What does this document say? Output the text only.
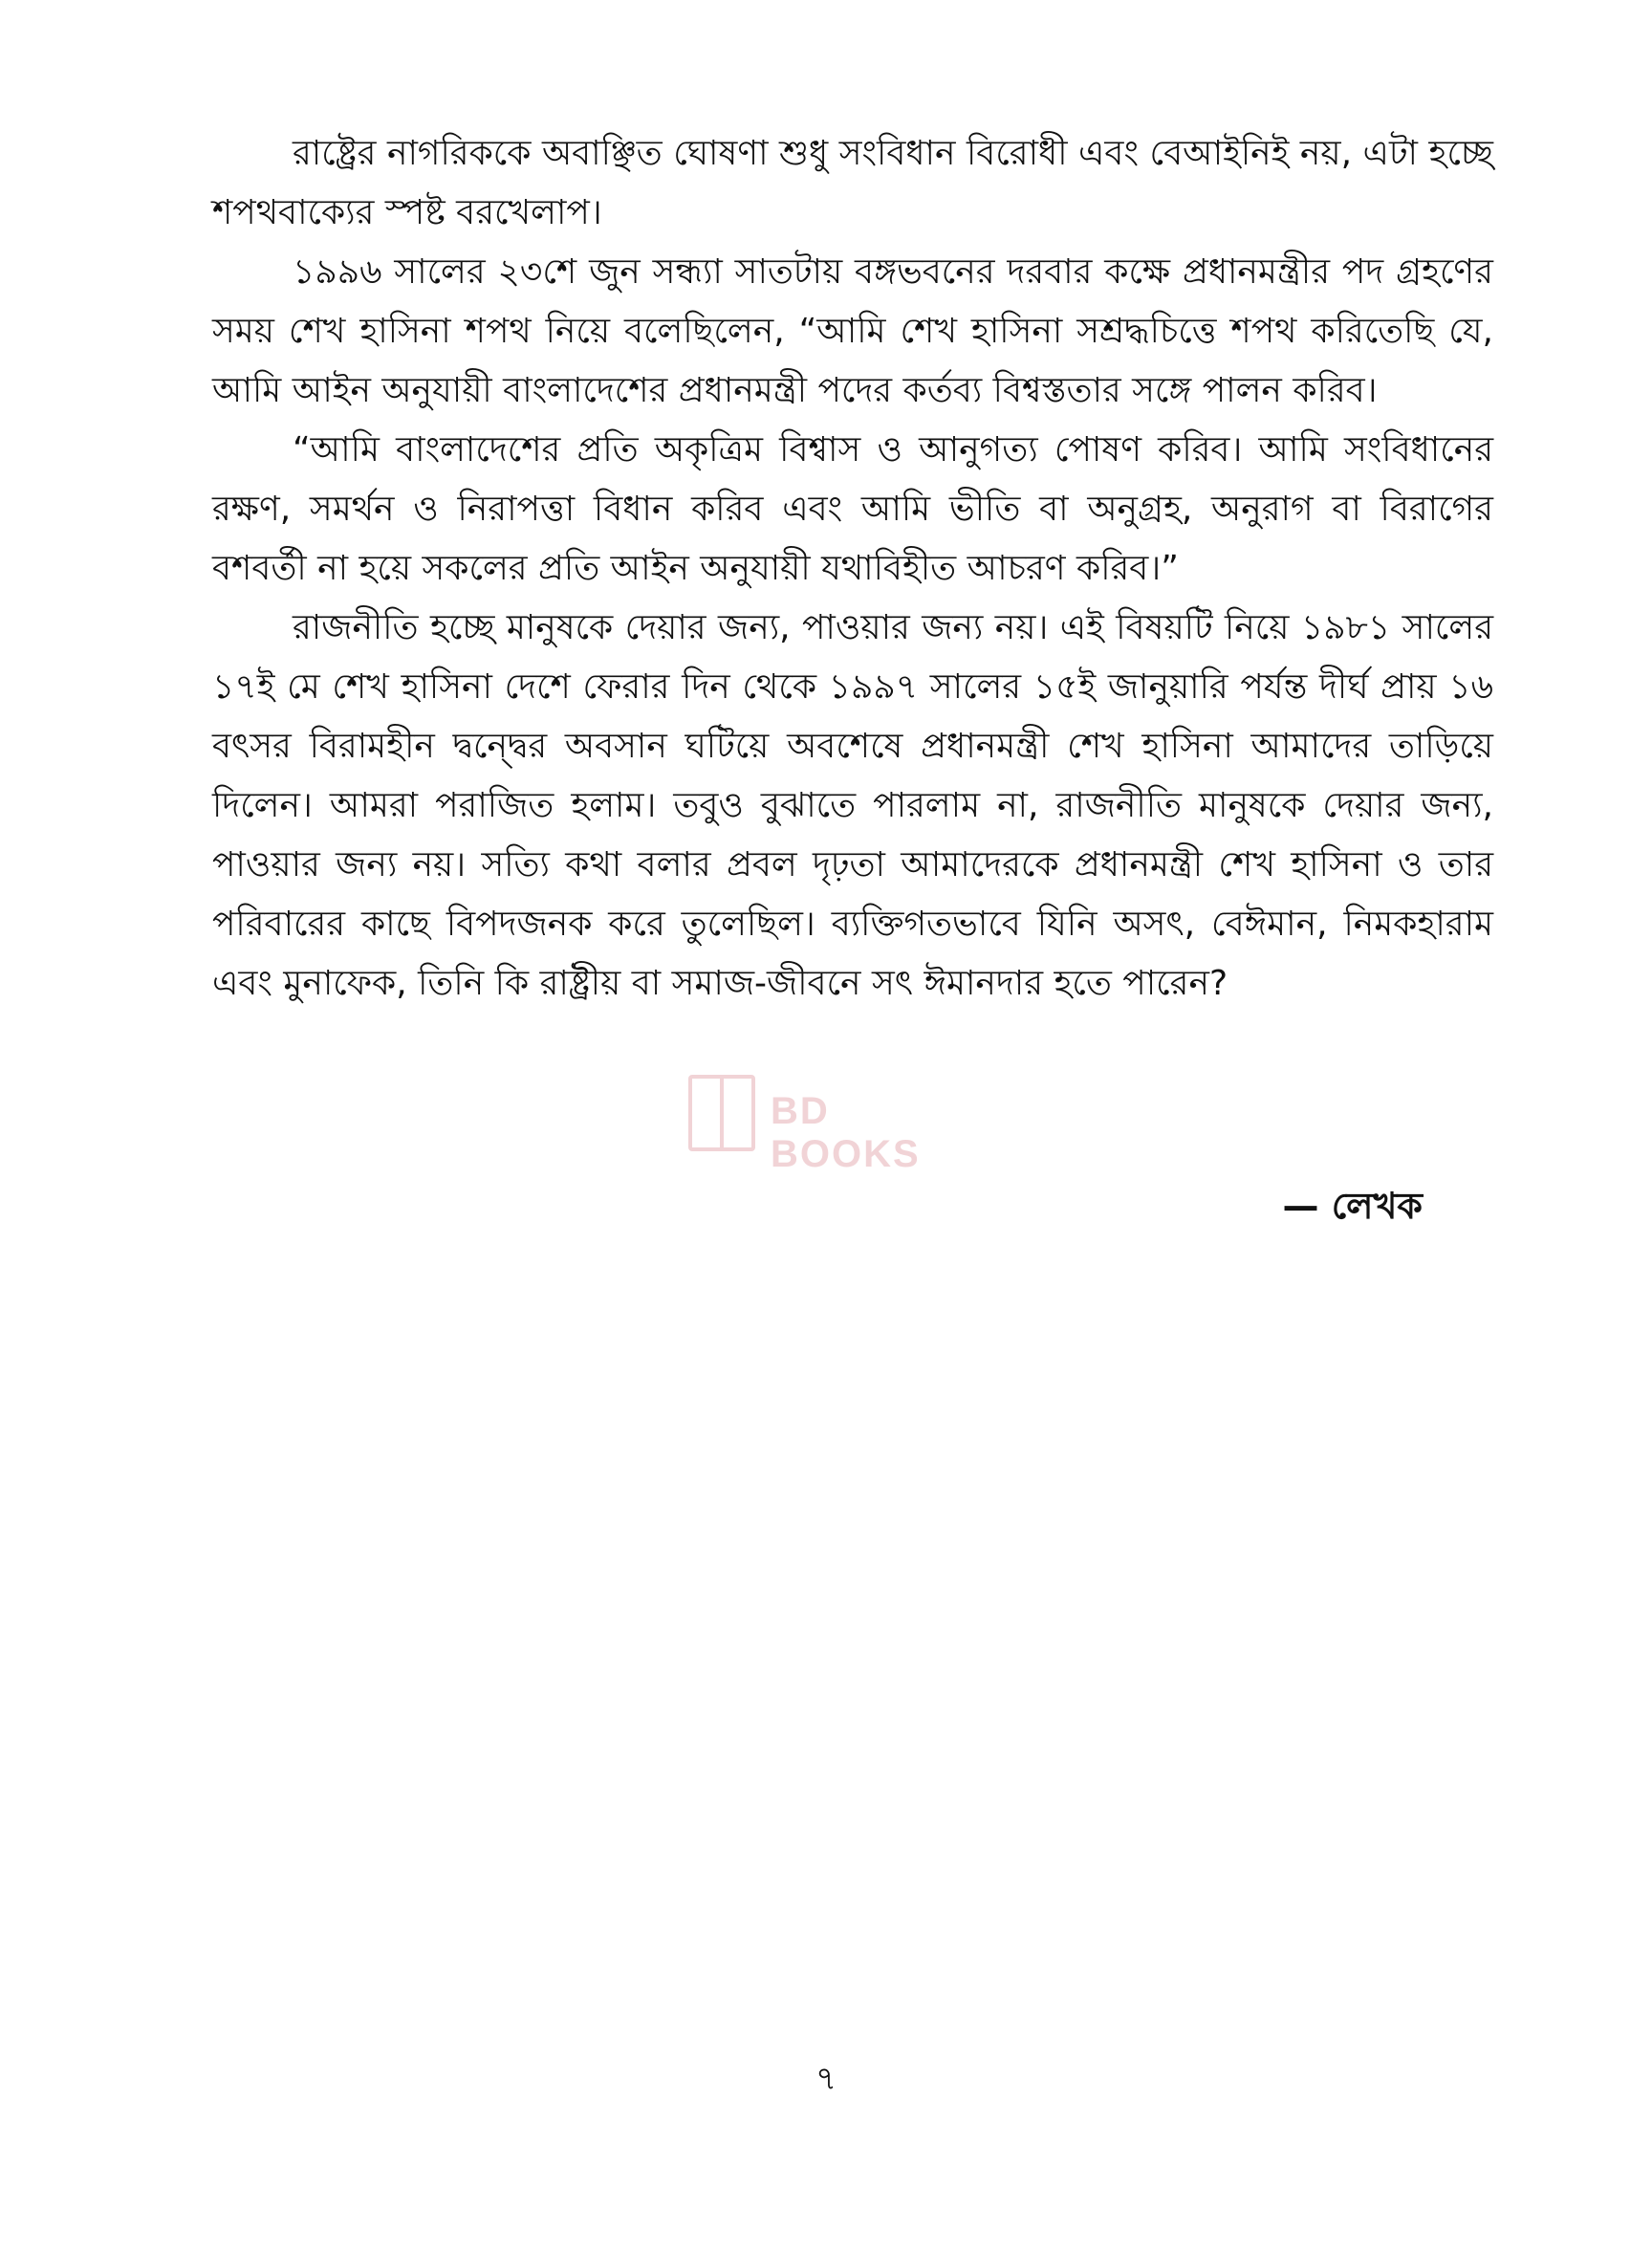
রাষ্ট্রের নাগরিককে অবাঞ্ছিত ঘোষণা শুধু সংবিধান বিরোধী এবং বেআইনিই নয়, এটা হচ্ছে শপথবাক্যের স্পষ্ট বরখেলাপ।

১৯৯৬ সালের ২৩শে জুন সন্ধ্যা সাতটায় বঙ্গভবনের দরবার কক্ষে প্রধানমন্ত্রীর পদ গ্রহণের সময় শেখ হাসিনা শপথ নিয়ে বলেছিলেন, “আমি শেখ হাসিনা সশ্রদ্ধচিত্তে শপথ করিতেছি যে, আমি আইন অনুযায়ী বাংলাদেশের প্রধানমন্ত্রী পদের কর্তব্য বিশ্বস্ততার সঙ্গে পালন করিব।

“আমি বাংলাদেশের প্রতি অকৃত্রিম বিশ্বাস ও আনুগত্য পোষণ করিব। আমি সংবিধানের রক্ষণ, সমর্থন ও নিরাপত্তা বিধান করিব এবং আমি ভীতি বা অনুগ্রহ, অনুরাগ বা বিরাগের বশবর্তী না হয়ে সকলের প্রতি আইন অনুযায়ী যথাবিহীত আচরণ করিব।”

রাজনীতি হচ্ছে মানুষকে দেয়ার জন্য, পাওয়ার জন্য নয়। এই বিষয়টি নিয়ে ১৯৮১ সালের ১৭ই মে শেখ হাসিনা দেশে ফেরার দিন থেকে ১৯৯৭ সালের ১৫ই জানুয়ারি পর্যন্ত দীর্ঘ প্রায় ১৬ বৎসর বিরামহীন দ্বন্দ্বের অবসান ঘটিয়ে অবশেষে প্রধানমন্ত্রী শেখ হাসিনা আমাদের তাড়িয়ে দিলেন। আমরা পরাজিত হলাম। তবুও বুঝাতে পারলাম না, রাজনীতি মানুষকে দেয়ার জন্য, পাওয়ার জন্য নয়। সত্যি কথা বলার প্রবল দৃঢ়তা আমাদেরকে প্রধানমন্ত্রী শেখ হাসিনা ও তার পরিবারের কাছে বিপদজনক করে তুলেছিল। ব্যক্তিগতভাবে যিনি অসৎ, বেঈমান, নিমকহারাম এবং মুনাফেক, তিনি কি রাষ্ট্রীয় বা সমাজ-জীবনে সৎ ঈমানদার হতে পারেন?

BD BOOKS
— লেখক
৭
